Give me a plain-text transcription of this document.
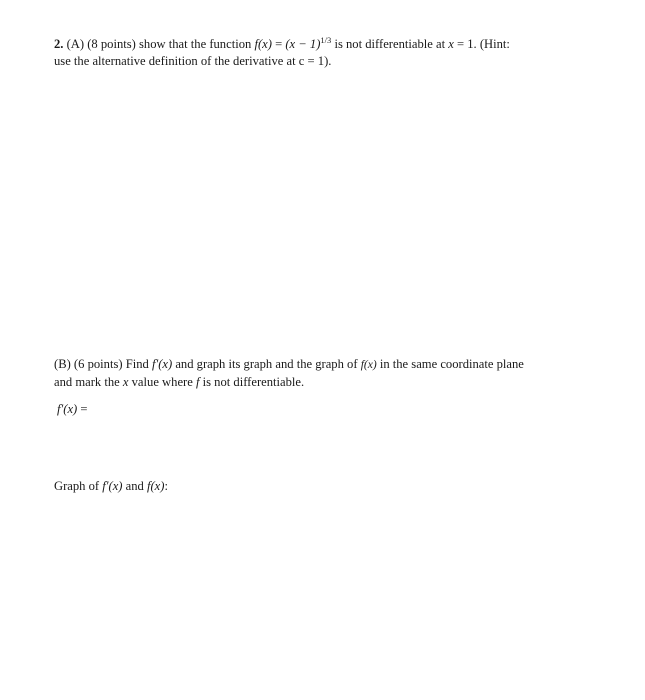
2. (A) (8 points) show that the function $f(x) = (x - 1)^{1/3}$ is not differentiable at x = 1. (Hint:
use the alternative definition of the derivative at c = 1).
(B) (6 points) Find f′(x) and graph its graph and the graph of f(x) in the same coordinate plane
and mark the x value where f is not differentiable.
f′(x) =
Graph of f′(x) and f(x):
